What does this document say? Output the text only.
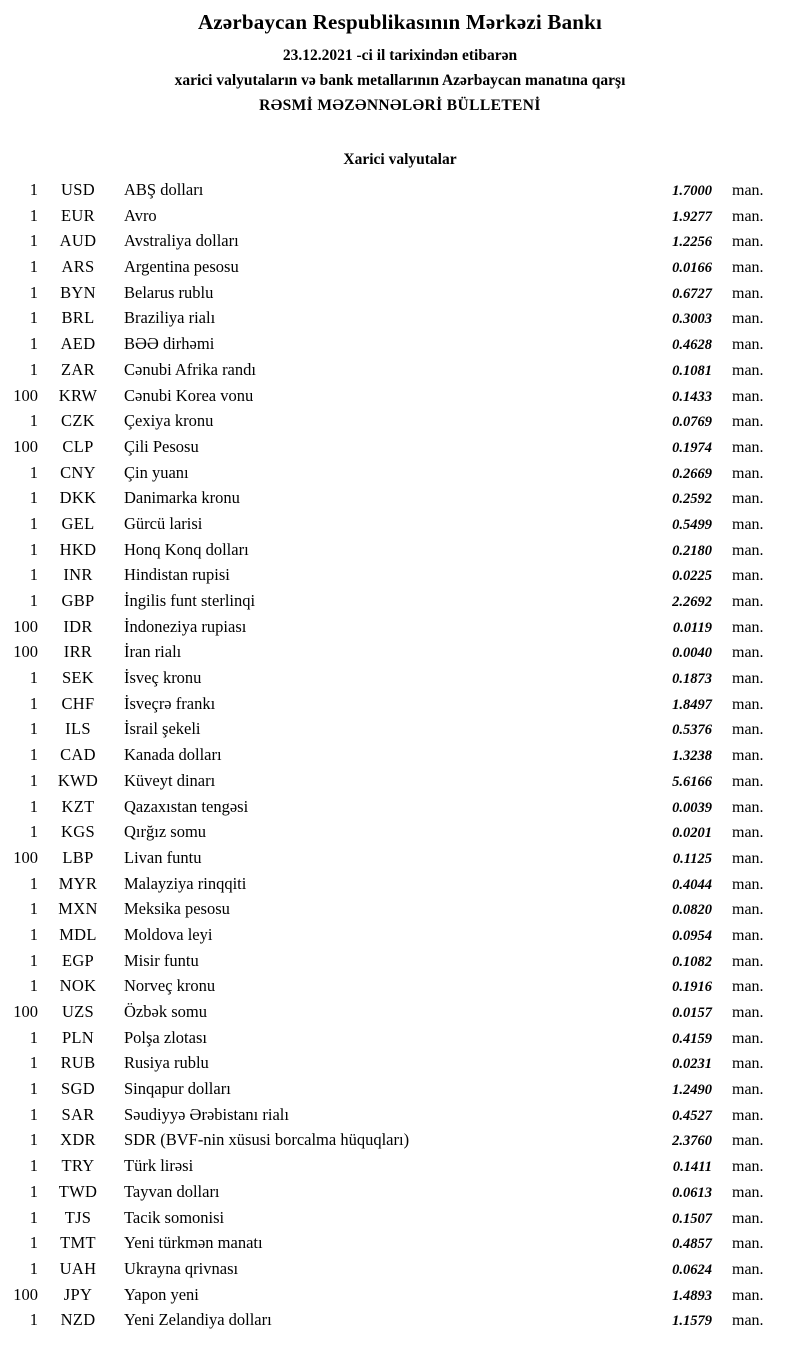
Azərbaycan Respublikasının Mərkəzi Bankı
23.12.2021 -ci il tarixindən etibarən
xarici valyutaların və bank metallarının Azərbaycan manatına qarşı
RƏSMİ MƏZƏNNƏLƏRİ BÜLLETENİ
Xarici valyutalar
1	USD	ABŞ dolları	1.7000	man.
1	EUR	Avro	1.9277	man.
1	AUD	Avstraliya dolları	1.2256	man.
1	ARS	Argentina pesosu	0.0166	man.
1	BYN	Belarus rublu	0.6727	man.
1	BRL	Braziliya rialı	0.3003	man.
1	AED	BƏƏ dirhəmi	0.4628	man.
1	ZAR	Cənubi Afrika randı	0.1081	man.
100	KRW	Cənubi Korea vonu	0.1433	man.
1	CZK	Çexiya kronu	0.0769	man.
100	CLP	Çili Pesosu	0.1974	man.
1	CNY	Çin yuanı	0.2669	man.
1	DKK	Danimarka kronu	0.2592	man.
1	GEL	Gürcü larisi	0.5499	man.
1	HKD	Honq Konq dolları	0.2180	man.
1	INR	Hindistan rupisi	0.0225	man.
1	GBP	İngilis funt sterlinqi	2.2692	man.
100	IDR	İndoneziya rupiası	0.0119	man.
100	IRR	İran rialı	0.0040	man.
1	SEK	İsveç kronu	0.1873	man.
1	CHF	İsveçrə frankı	1.8497	man.
1	ILS	İsrail şekeli	0.5376	man.
1	CAD	Kanada dolları	1.3238	man.
1	KWD	Küveyt dinarı	5.6166	man.
1	KZT	Qazaxıstan tengəsi	0.0039	man.
1	KGS	Qırğız somu	0.0201	man.
100	LBP	Livan funtu	0.1125	man.
1	MYR	Malayziya rinqqiti	0.4044	man.
1	MXN	Meksika pesosu	0.0820	man.
1	MDL	Moldova leyi	0.0954	man.
1	EGP	Misir funtu	0.1082	man.
1	NOK	Norveç kronu	0.1916	man.
100	UZS	Özbək somu	0.0157	man.
1	PLN	Polşa zlotası	0.4159	man.
1	RUB	Rusiya rublu	0.0231	man.
1	SGD	Sinqapur dolları	1.2490	man.
1	SAR	Səudiyyə Ərəbistanı rialı	0.4527	man.
1	XDR	SDR (BVF-nin xüsusi borcalma hüquqları)	2.3760	man.
1	TRY	Türk lirəsi	0.1411	man.
1	TWD	Tayvan dolları	0.0613	man.
1	TJS	Tacik somonisi	0.1507	man.
1	TMT	Yeni türkmən manatı	0.4857	man.
1	UAH	Ukrayna qrivnası	0.0624	man.
100	JPY	Yapon yeni	1.4893	man.
1	NZD	Yeni Zelandiya dolları	1.1579	man.
